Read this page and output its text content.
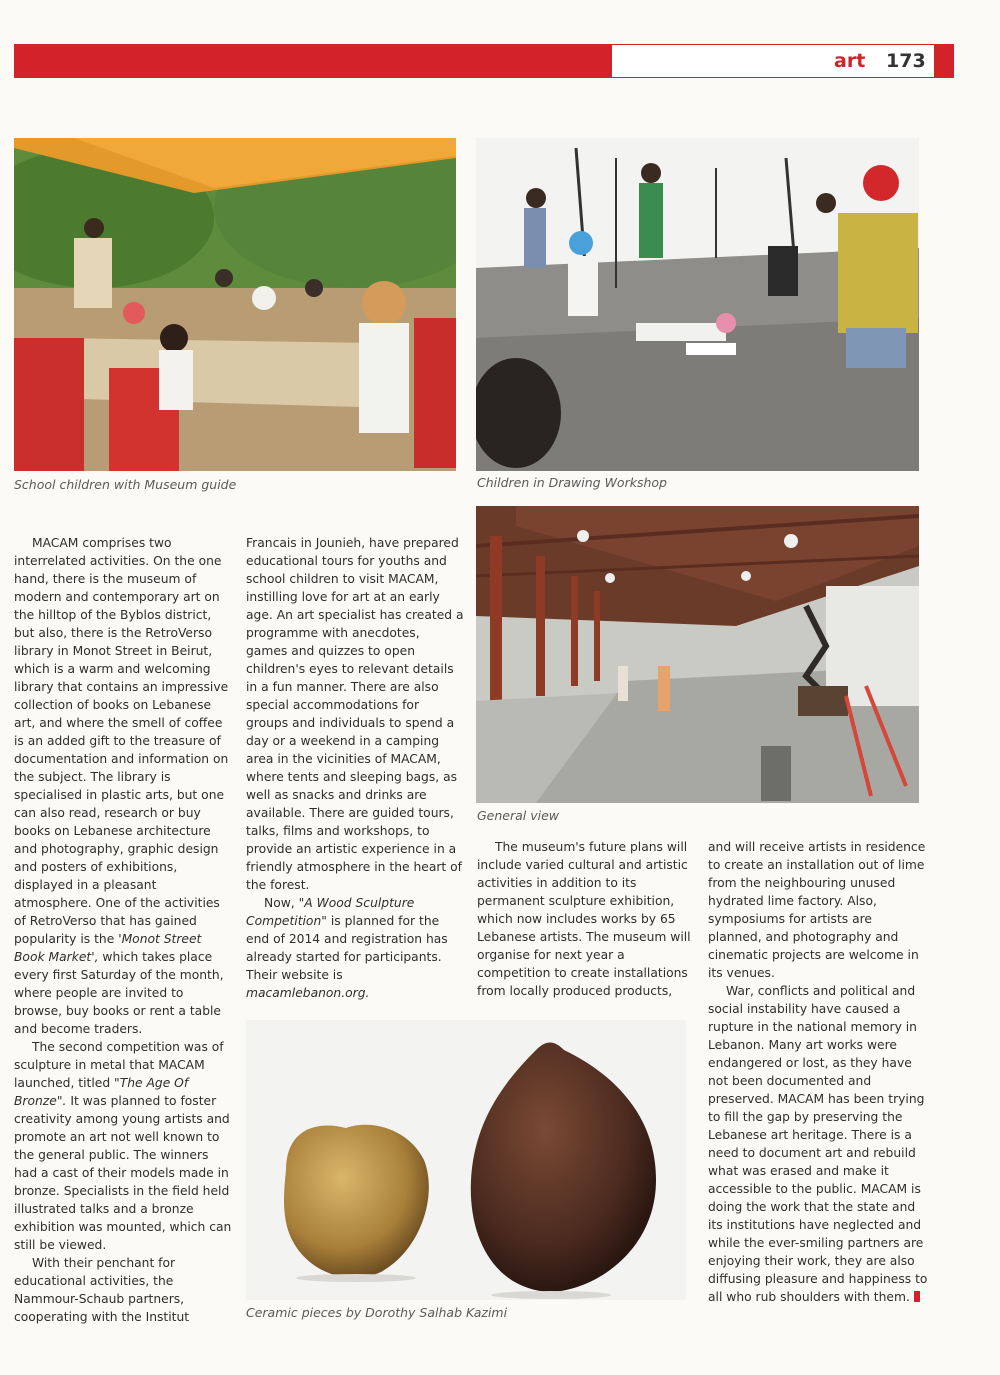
art 173
School children with Museum guide	Children in Drawing Workshop
General view
Ceramic pieces by Dorothy Salhab Kazimi

MACAM comprises two interrelated activities. On the one hand, there is the museum of modern and contemporary art on the hilltop of the Byblos district, but also, there is the RetroVerso library in Monot Street in Beirut, which is a warm and welcoming library that contains an impressive collection of books on Lebanese art, and where the smell of coffee is an added gift to the treasure of documentation and information on the subject. The library is specialised in plastic arts, but one can also read, research or buy books on Lebanese architecture and photography, graphic design and posters of exhibitions, displayed in a pleasant atmosphere. One of the activities of RetroVerso that has gained popularity is the 'Monot Street Book Market', which takes place every first Saturday of the month, where people are invited to browse, buy books or rent a table and become traders.

The second competition was of sculpture in metal that MACAM launched, titled "The Age Of Bronze". It was planned to foster creativity among young artists and promote an art not well known to the general public. The winners had a cast of their models made in bronze. Specialists in the field held illustrated talks and a bronze exhibition was mounted, which can still be viewed.

With their penchant for educational activities, the Nammour-Schaub partners, cooperating with the Institut

Francais in Jounieh, have prepared educational tours for youths and school children to visit MACAM, instilling love for art at an early age. An art specialist has created a programme with anecdotes, games and quizzes to open children's eyes to relevant details in a fun manner. There are also special accommodations for groups and individuals to spend a day or a weekend in a camping area in the vicinities of MACAM, where tents and sleeping bags, as well as snacks and drinks are available. There are guided tours, talks, films and workshops, to provide an artistic experience in a friendly atmosphere in the heart of the forest.

Now, "A Wood Sculpture Competition" is planned for the end of 2014 and registration has already started for participants. Their website is macamlebanon.org.

The museum's future plans will include varied cultural and artistic activities in addition to its permanent sculpture exhibition, which now includes works by 65 Lebanese artists. The museum will organise for next year a competition to create installations from locally produced products,

and will receive artists in residence to create an installation out of lime from the neighbouring unused hydrated lime factory. Also, symposiums for artists are planned, and photography and cinematic projects are welcome in its venues.

War, conflicts and political and social instability have caused a rupture in the national memory in Lebanon. Many art works were endangered or lost, as they have not been documented and preserved. MACAM has been trying to fill the gap by preserving the Lebanese art heritage. There is a need to document art and rebuild what was erased and make it accessible to the public. MACAM is doing the work that the state and its institutions have neglected and while the ever-smiling partners are enjoying their work, they are also diffusing pleasure and happiness to all who rub shoulders with them.
